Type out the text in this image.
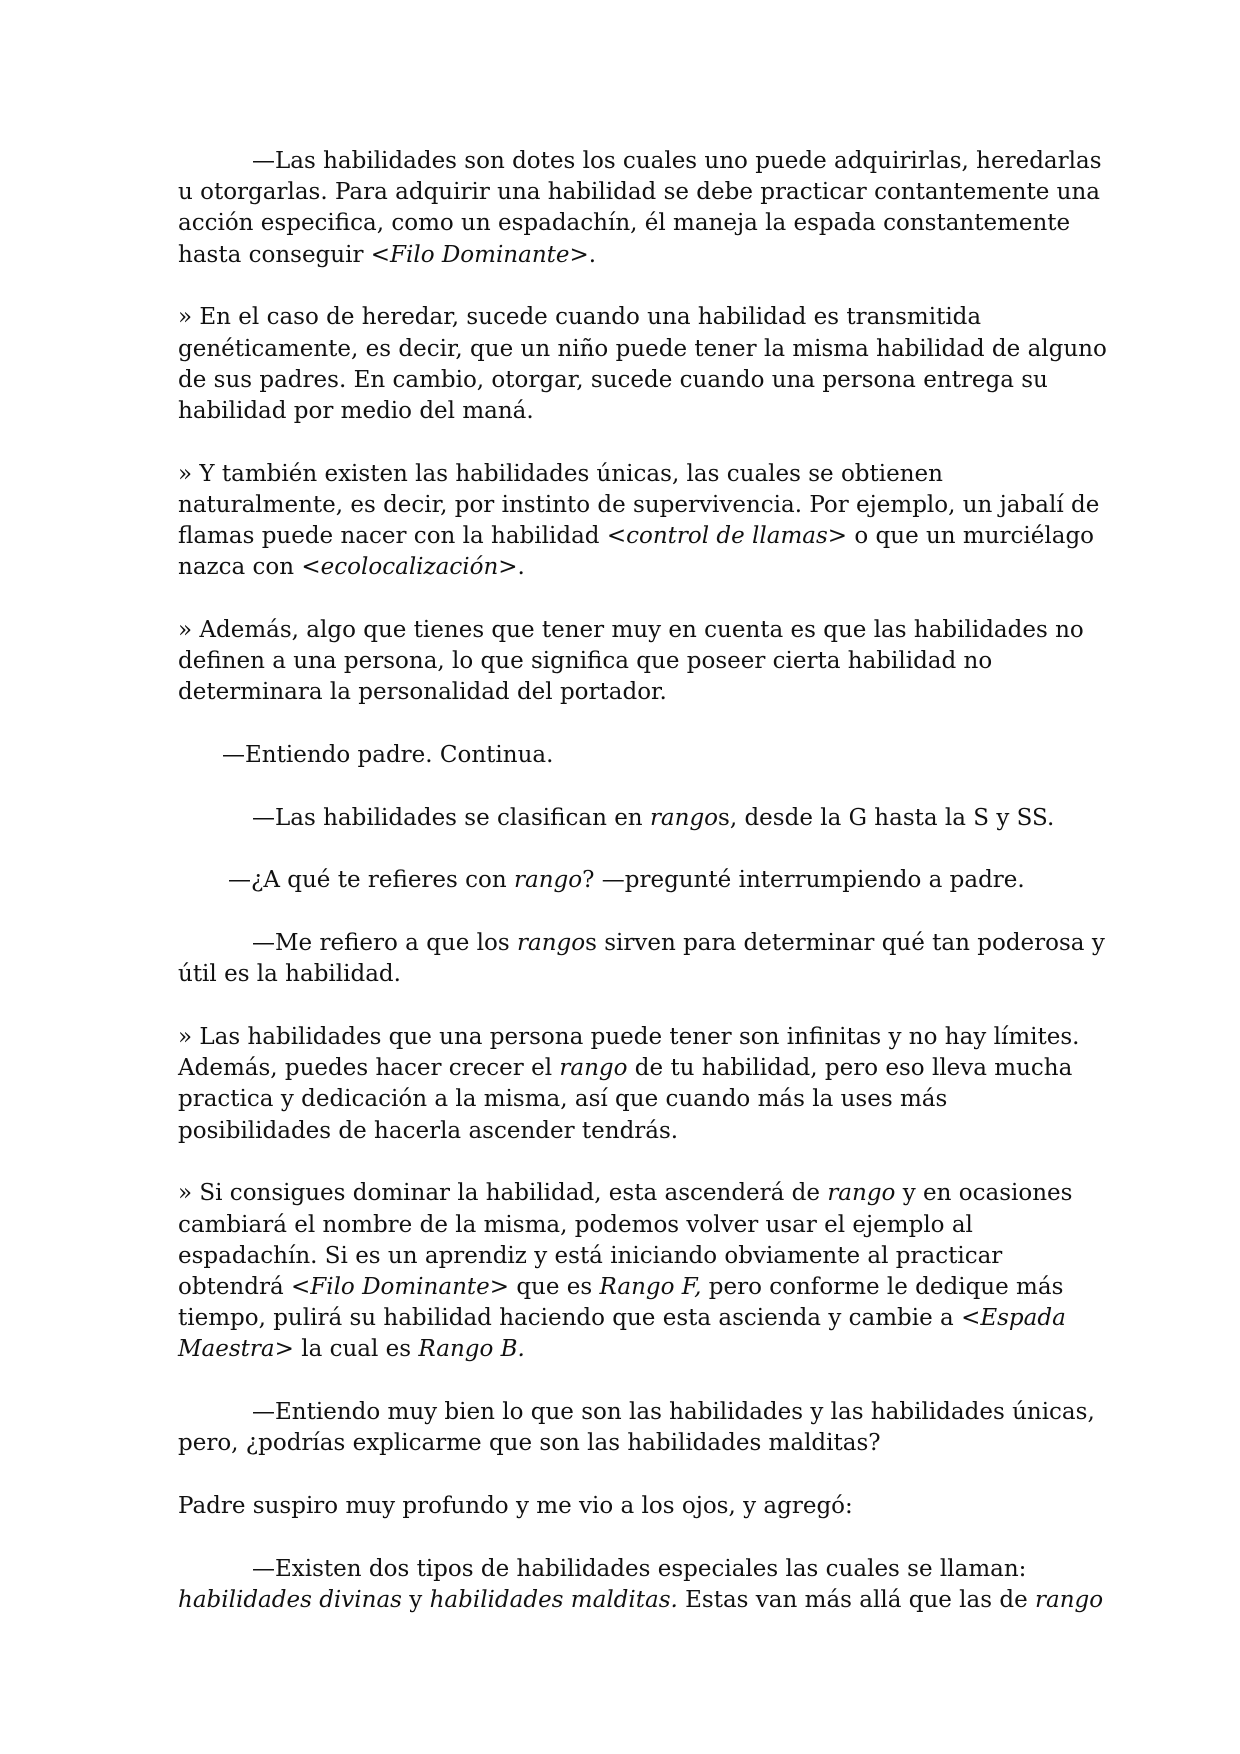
—Las habilidades son dotes los cuales uno puede adquirirlas, heredarlas
u otorgarlas. Para adquirir una habilidad se debe practicar contantemente una
acción especifica, como un espadachín, él maneja la espada constantemente
hasta conseguir <Filo Dominante>.

» En el caso de heredar, sucede cuando una habilidad es transmitida
genéticamente, es decir, que un niño puede tener la misma habilidad de alguno
de sus padres. En cambio, otorgar, sucede cuando una persona entrega su
habilidad por medio del maná.

» Y también existen las habilidades únicas, las cuales se obtienen
naturalmente, es decir, por instinto de supervivencia. Por ejemplo, un jabalí de
flamas puede nacer con la habilidad <control de llamas> o que un murciélago
nazca con <ecolocalización>.

» Además, algo que tienes que tener muy en cuenta es que las habilidades no
definen a una persona, lo que significa que poseer cierta habilidad no
determinara la personalidad del portador.

—Entiendo padre. Continua.

—Las habilidades se clasifican en rangos, desde la G hasta la S y SS.

—¿A qué te refieres con rango? —pregunté interrumpiendo a padre.

—Me refiero a que los rangos sirven para determinar qué tan poderosa y
útil es la habilidad.

» Las habilidades que una persona puede tener son infinitas y no hay límites.
Además, puedes hacer crecer el rango de tu habilidad, pero eso lleva mucha
practica y dedicación a la misma, así que cuando más la uses más
posibilidades de hacerla ascender tendrás.

» Si consigues dominar la habilidad, esta ascenderá de rango y en ocasiones
cambiará el nombre de la misma, podemos volver usar el ejemplo al
espadachín. Si es un aprendiz y está iniciando obviamente al practicar
obtendrá <Filo Dominante> que es Rango F, pero conforme le dedique más
tiempo, pulirá su habilidad haciendo que esta ascienda y cambie a <Espada
Maestra> la cual es Rango B.

—Entiendo muy bien lo que son las habilidades y las habilidades únicas,
pero, ¿podrías explicarme que son las habilidades malditas?

Padre suspiro muy profundo y me vio a los ojos, y agregó:

—Existen dos tipos de habilidades especiales las cuales se llaman:
habilidades divinas y habilidades malditas. Estas van más allá que las de rango
